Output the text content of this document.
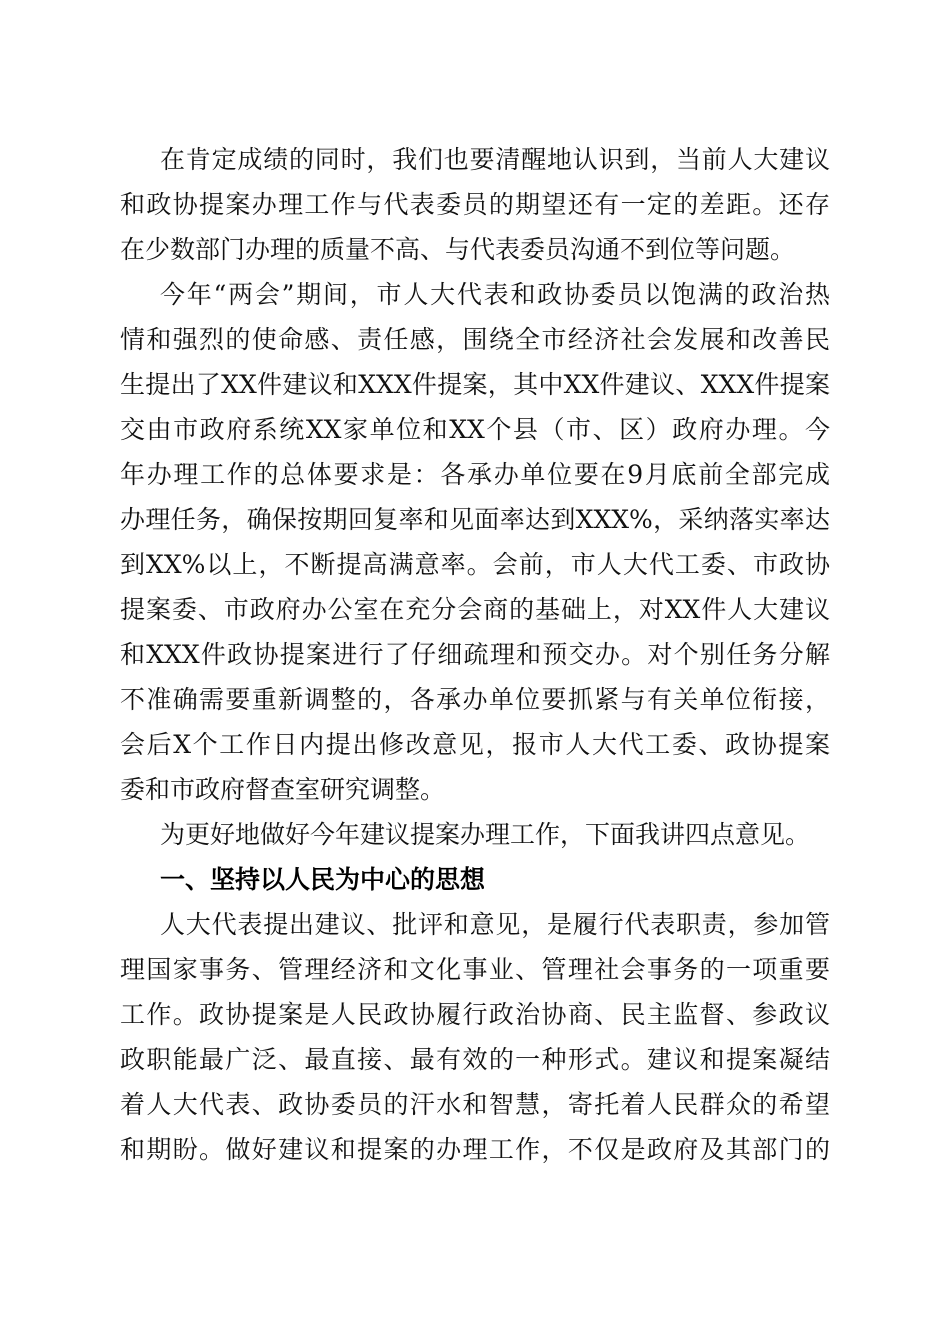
在肯定成绩的同时，我们也要清醒地认识到，当前人大建议
和政协提案办理工作与代表委员的期望还有一定的差距。还存
在少数部门办理的质量不高、与代表委员沟通不到位等问题。
今年“两会”期间，市人大代表和政协委员以饱满的政治热
情和强烈的使命感、责任感，围绕全市经济社会发展和改善民
生提出了XX件建议和XXX件提案，其中XX件建议、XXX件提案
交由市政府系统XX家单位和XX个县（市、区）政府办理。今
年办理工作的总体要求是：各承办单位要在9月底前全部完成
办理任务，确保按期回复率和见面率达到XXX%，采纳落实率达
到XX%以上，不断提高满意率。会前，市人大代工委、市政协
提案委、市政府办公室在充分会商的基础上，对XX件人大建议
和XXX件政协提案进行了仔细疏理和预交办。对个别任务分解
不准确需要重新调整的，各承办单位要抓紧与有关单位衔接，
会后X个工作日内提出修改意见，报市人大代工委、政协提案
委和市政府督查室研究调整。
为更好地做好今年建议提案办理工作，下面我讲四点意见。
一、坚持以人民为中心的思想
人大代表提出建议、批评和意见，是履行代表职责，参加管
理国家事务、管理经济和文化事业、管理社会事务的一项重要
工作。政协提案是人民政协履行政治协商、民主监督、参政议
政职能最广泛、最直接、最有效的一种形式。建议和提案凝结
着人大代表、政协委员的汗水和智慧，寄托着人民群众的希望
和期盼。做好建议和提案的办理工作，不仅是政府及其部门的
